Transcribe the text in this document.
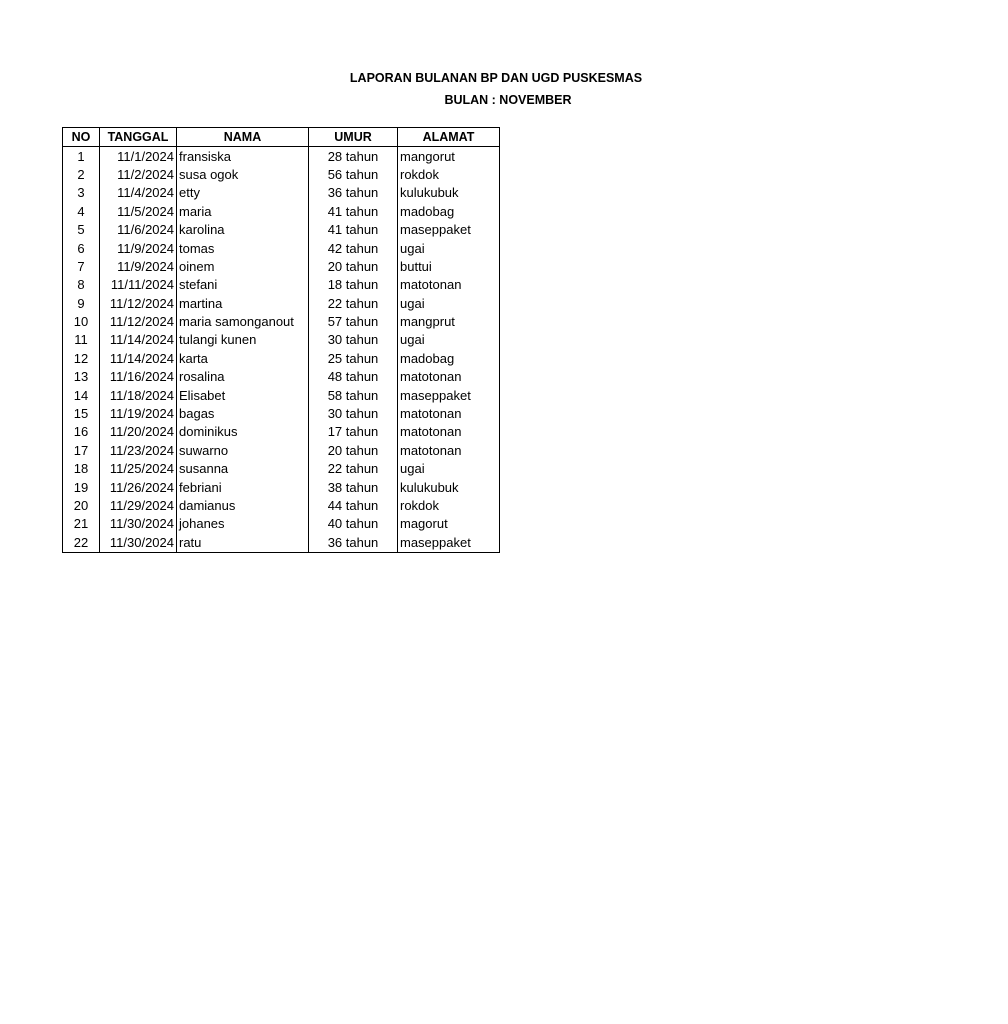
LAPORAN BULANAN BP DAN UGD PUSKESMAS
BULAN : NOVEMBER
NO	TANGGAL	NAMA	UMUR	ALAMAT
1	11/1/2024	fransiska	28 tahun	mangorut
2	11/2/2024	susa ogok	56 tahun	rokdok
3	11/4/2024	etty	36 tahun	kulukubuk
4	11/5/2024	maria	41 tahun	madobag
5	11/6/2024	karolina	41 tahun	maseppaket
6	11/9/2024	tomas	42 tahun	ugai
7	11/9/2024	oinem	20 tahun	buttui
8	11/11/2024	stefani	18 tahun	matotonan
9	11/12/2024	martina	22 tahun	ugai
10	11/12/2024	maria samonganout	57 tahun	mangprut
11	11/14/2024	tulangi kunen	30 tahun	ugai
12	11/14/2024	karta	25 tahun	madobag
13	11/16/2024	rosalina	48 tahun	matotonan
14	11/18/2024	Elisabet	58 tahun	maseppaket
15	11/19/2024	bagas	30 tahun	matotonan
16	11/20/2024	dominikus	17 tahun	matotonan
17	11/23/2024	suwarno	20 tahun	matotonan
18	11/25/2024	susanna	22 tahun	ugai
19	11/26/2024	febriani	38 tahun	kulukubuk
20	11/29/2024	damianus	44 tahun	rokdok
21	11/30/2024	johanes	40 tahun	magorut
22	11/30/2024	ratu	36 tahun	maseppaket
